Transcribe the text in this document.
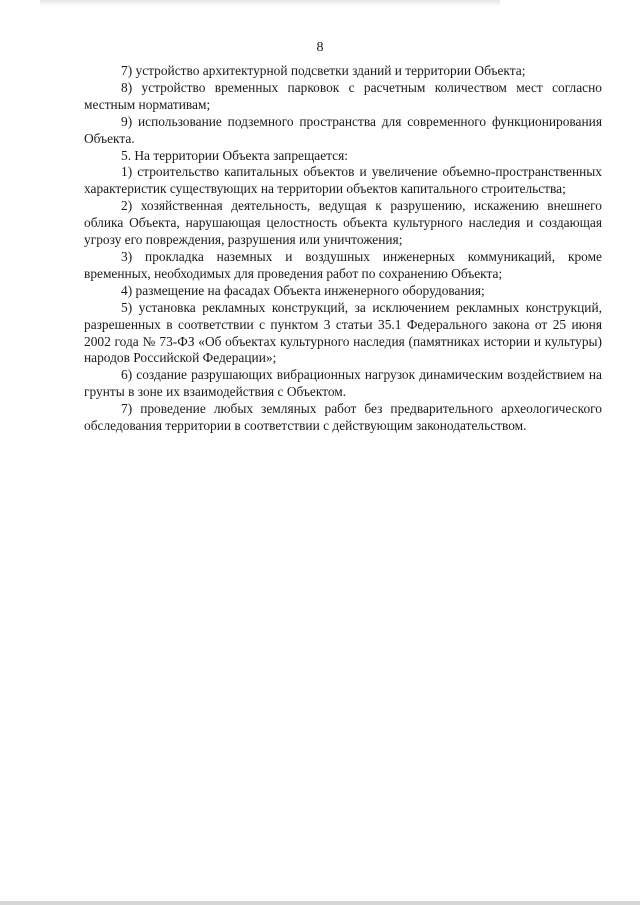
8

7) устройство архитектурной подсветки зданий и территории Объекта;

8) устройство временных парковок с расчетным количеством мест согласно местным нормативам;

9) использование подземного пространства для современного функционирования Объекта.

5. На территории Объекта запрещается:

1) строительство капитальных объектов и увеличение объемно-пространственных характеристик существующих на территории объектов капитального строительства;

2) хозяйственная деятельность, ведущая к разрушению, искажению внешнего облика Объекта, нарушающая целостность объекта культурного наследия и создающая угрозу его повреждения, разрушения или уничтожения;

3) прокладка наземных и воздушных инженерных коммуникаций, кроме временных, необходимых для проведения работ по сохранению Объекта;

4) размещение на фасадах Объекта инженерного оборудования;

5) установка рекламных конструкций, за исключением рекламных конструкций, разрешенных в соответствии с пунктом 3 статьи 35.1 Федерального закона от 25 июня 2002 года № 73-ФЗ «Об объектах культурного наследия (памятниках истории и культуры) народов Российской Федерации»;

6) создание разрушающих вибрационных нагрузок динамическим воздействием на грунты в зоне их взаимодействия с Объектом.

7) проведение любых земляных работ без предварительного археологического обследования территории в соответствии с действующим законодательством.
